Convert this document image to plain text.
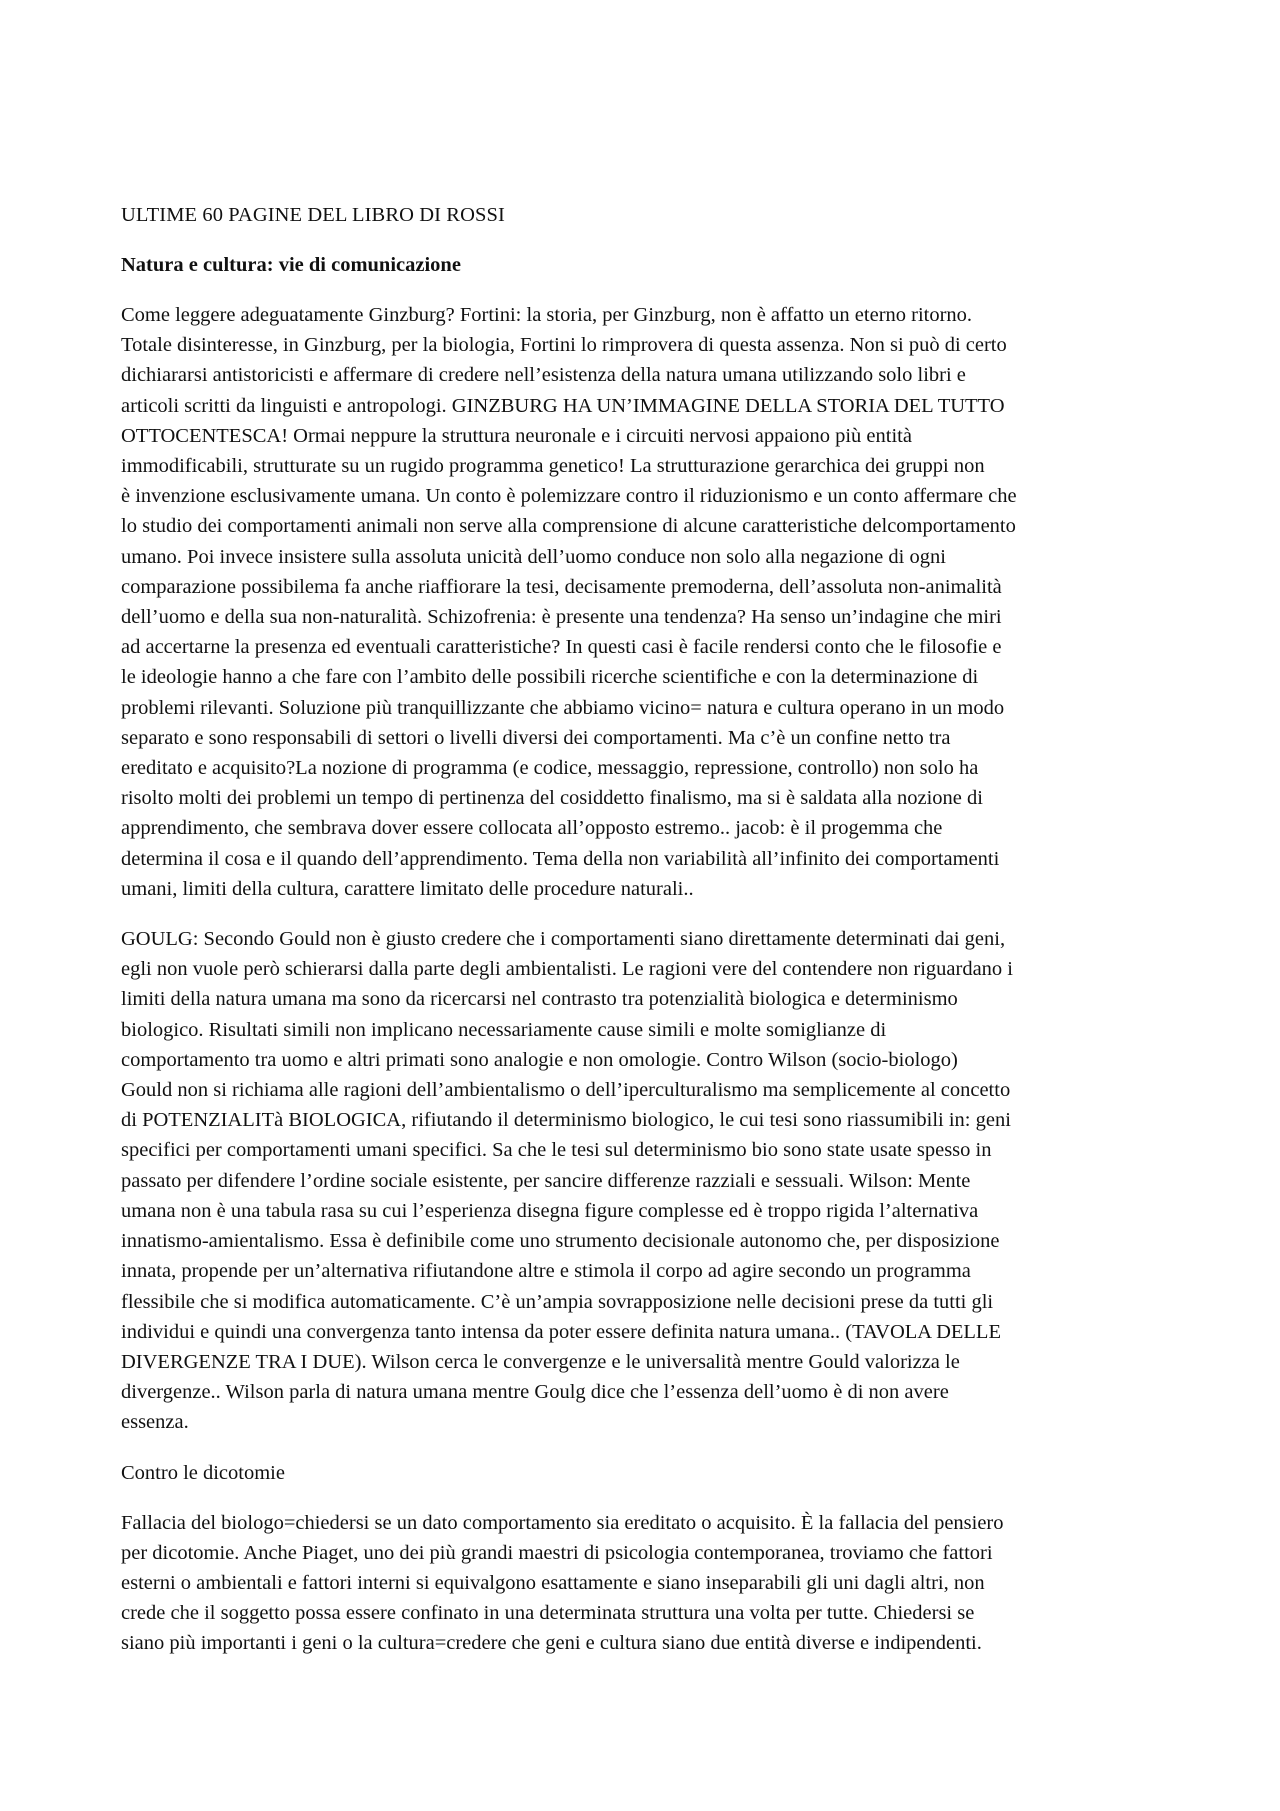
ULTIME 60 PAGINE DEL LIBRO DI ROSSI
Natura e cultura: vie di comunicazione
Come leggere adeguatamente Ginzburg? Fortini: la storia, per Ginzburg, non è affatto un eterno ritorno.
Totale disinteresse, in Ginzburg, per la biologia, Fortini lo rimprovera di questa assenza. Non si può di certo
dichiararsi antistoricisti e affermare di credere nell’esistenza della natura umana utilizzando solo libri e
articoli scritti da linguisti e antropologi. GINZBURG HA UN’IMMAGINE DELLA STORIA DEL TUTTO
OTTOCENTESCA! Ormai neppure la struttura neuronale e i circuiti nervosi appaiono più entità
immodificabili, strutturate su un rugido programma genetico! La strutturazione gerarchica dei gruppi non
è invenzione esclusivamente umana. Un conto è polemizzare contro il riduzionismo e un conto affermare che
lo studio dei comportamenti animali non serve alla comprensione di alcune caratteristiche delcomportamento
umano. Poi invece insistere sulla assoluta unicità dell’uomo conduce non solo alla negazione di ogni
comparazione possibilema fa anche riaffiorare la tesi, decisamente premoderna, dell’assoluta non-animalità
dell’uomo e della sua non-naturalità. Schizofrenia: è presente una tendenza? Ha senso un’indagine che miri
ad accertarne la presenza ed eventuali caratteristiche? In questi casi è facile rendersi conto che le filosofie e
le ideologie hanno a che fare con l’ambito delle possibili ricerche scientifiche e con la determinazione di
problemi rilevanti. Soluzione più tranquillizzante che abbiamo vicino= natura e cultura operano in un modo
separato e sono responsabili di settori o livelli diversi dei comportamenti. Ma c’è un confine netto tra
ereditato e acquisito?La nozione di programma (e codice, messaggio, repressione, controllo) non solo ha
risolto molti dei problemi un tempo di pertinenza del cosiddetto finalismo, ma si è saldata alla nozione di
apprendimento, che sembrava dover essere collocata all’opposto estremo.. jacob: è il progemma che
determina il cosa e il quando dell’apprendimento. Tema della non variabilità all’infinito dei comportamenti
umani, limiti della cultura, carattere limitato delle procedure naturali..
GOULG: Secondo Gould non è giusto credere che i comportamenti siano direttamente determinati dai geni,
egli non vuole però schierarsi dalla parte degli ambientalisti. Le ragioni vere del contendere non riguardano i
limiti della natura umana ma sono da ricercarsi nel contrasto tra potenzialità biologica e determinismo
biologico. Risultati simili non implicano necessariamente cause simili e molte somiglianze di
comportamento tra uomo e altri primati sono analogie e non omologie. Contro Wilson (socio-biologo)
Gould non si richiama alle ragioni dell’ambientalismo o dell’iperculturalismo ma semplicemente al concetto
di POTENZIALITà BIOLOGICA, rifiutando il determinismo biologico, le cui tesi sono riassumibili in: geni
specifici per comportamenti umani specifici. Sa che le tesi sul determinismo bio sono state usate spesso in
passato per difendere l’ordine sociale esistente, per sancire differenze razziali e sessuali. Wilson: Mente
umana non è una tabula rasa su cui l’esperienza disegna figure complesse ed è troppo rigida l’alternativa
innatismo-amientalismo. Essa è definibile come uno strumento decisionale autonomo che, per disposizione
innata, propende per un’alternativa rifiutandone altre e stimola il corpo ad agire secondo un programma
flessibile che si modifica automaticamente. C’è un’ampia sovrapposizione nelle decisioni prese da tutti gli
individui e quindi una convergenza tanto intensa da poter essere definita natura umana.. (TAVOLA DELLE
DIVERGENZE TRA I DUE). Wilson cerca le convergenze e le universalità mentre Gould valorizza le
divergenze.. Wilson parla di natura umana mentre Goulg dice che l’essenza dell’uomo è di non avere
essenza.
Contro le dicotomie
Fallacia del biologo=chiedersi se un dato comportamento sia ereditato o acquisito. È la fallacia del pensiero
per dicotomie. Anche Piaget, uno dei più grandi maestri di psicologia contemporanea, troviamo che fattori
esterni o ambientali e fattori interni si equivalgono esattamente e siano inseparabili gli uni dagli altri, non
crede che il soggetto possa essere confinato in una determinata struttura una volta per tutte. Chiedersi se
siano più importanti i geni o la cultura=credere che geni e cultura siano due entità diverse e indipendenti.
